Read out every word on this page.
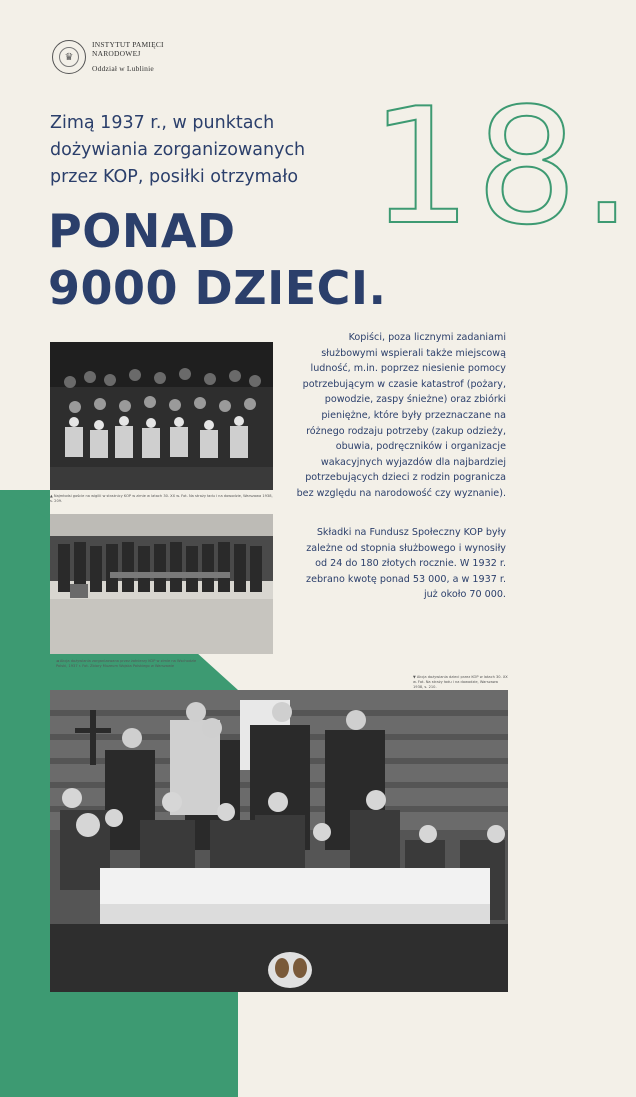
♛
INSTYTUT PAMIĘCI
NARODOWEJ
Oddział w Lublinie
Zimą 1937 r., w punktach dożywiania zorganizowanych przez KOP, posiłki otrzymało 18.
PONAD
9000 DZIECI.
▲ Najmłodsi goście na wigilii w strażnicy KOP w zimie w latach 30. XX w. Fot. Na straży ładu i na dowodzie, Warszawa 1938, s. 209.
◄ Akcja dożywiania zorganizowana przez żołnierzy KOP w zimie na Wschodzie Polski, 1937 r. Fot. Zbiory Muzeum Wojska Polskiego w Warszawie
Kopiści, poza licznymi zadaniami służbowymi wspierali także miejscową ludność, m.in. poprzez niesienie pomocy potrzebującym w czasie katastrof (pożary, powodzie, zaspy śnieżne) oraz zbiórki pieniężne, które były przeznaczane na różnego rodzaju potrzeby (zakup odzieży, obuwia, podręczników i organizacje wakacyjnych wyjazdów dla najbardziej potrzebujących dzieci z rodzin pogranicza bez względu na narodowość czy wyznanie).
Składki na Fundusz Społeczny KOP były zależne od stopnia służbowego i wynosiły od 24 do 180 złotych rocznie. W 1932 r. zebrano kwotę ponad 53 000, a w 1937 r. już około 70 000.
▼ Akcja dożywiania dzieci przez KOP w latach 30. XX w. Fot. Na straży ładu i na dowodzie, Warszawa 1938, s. 210.
